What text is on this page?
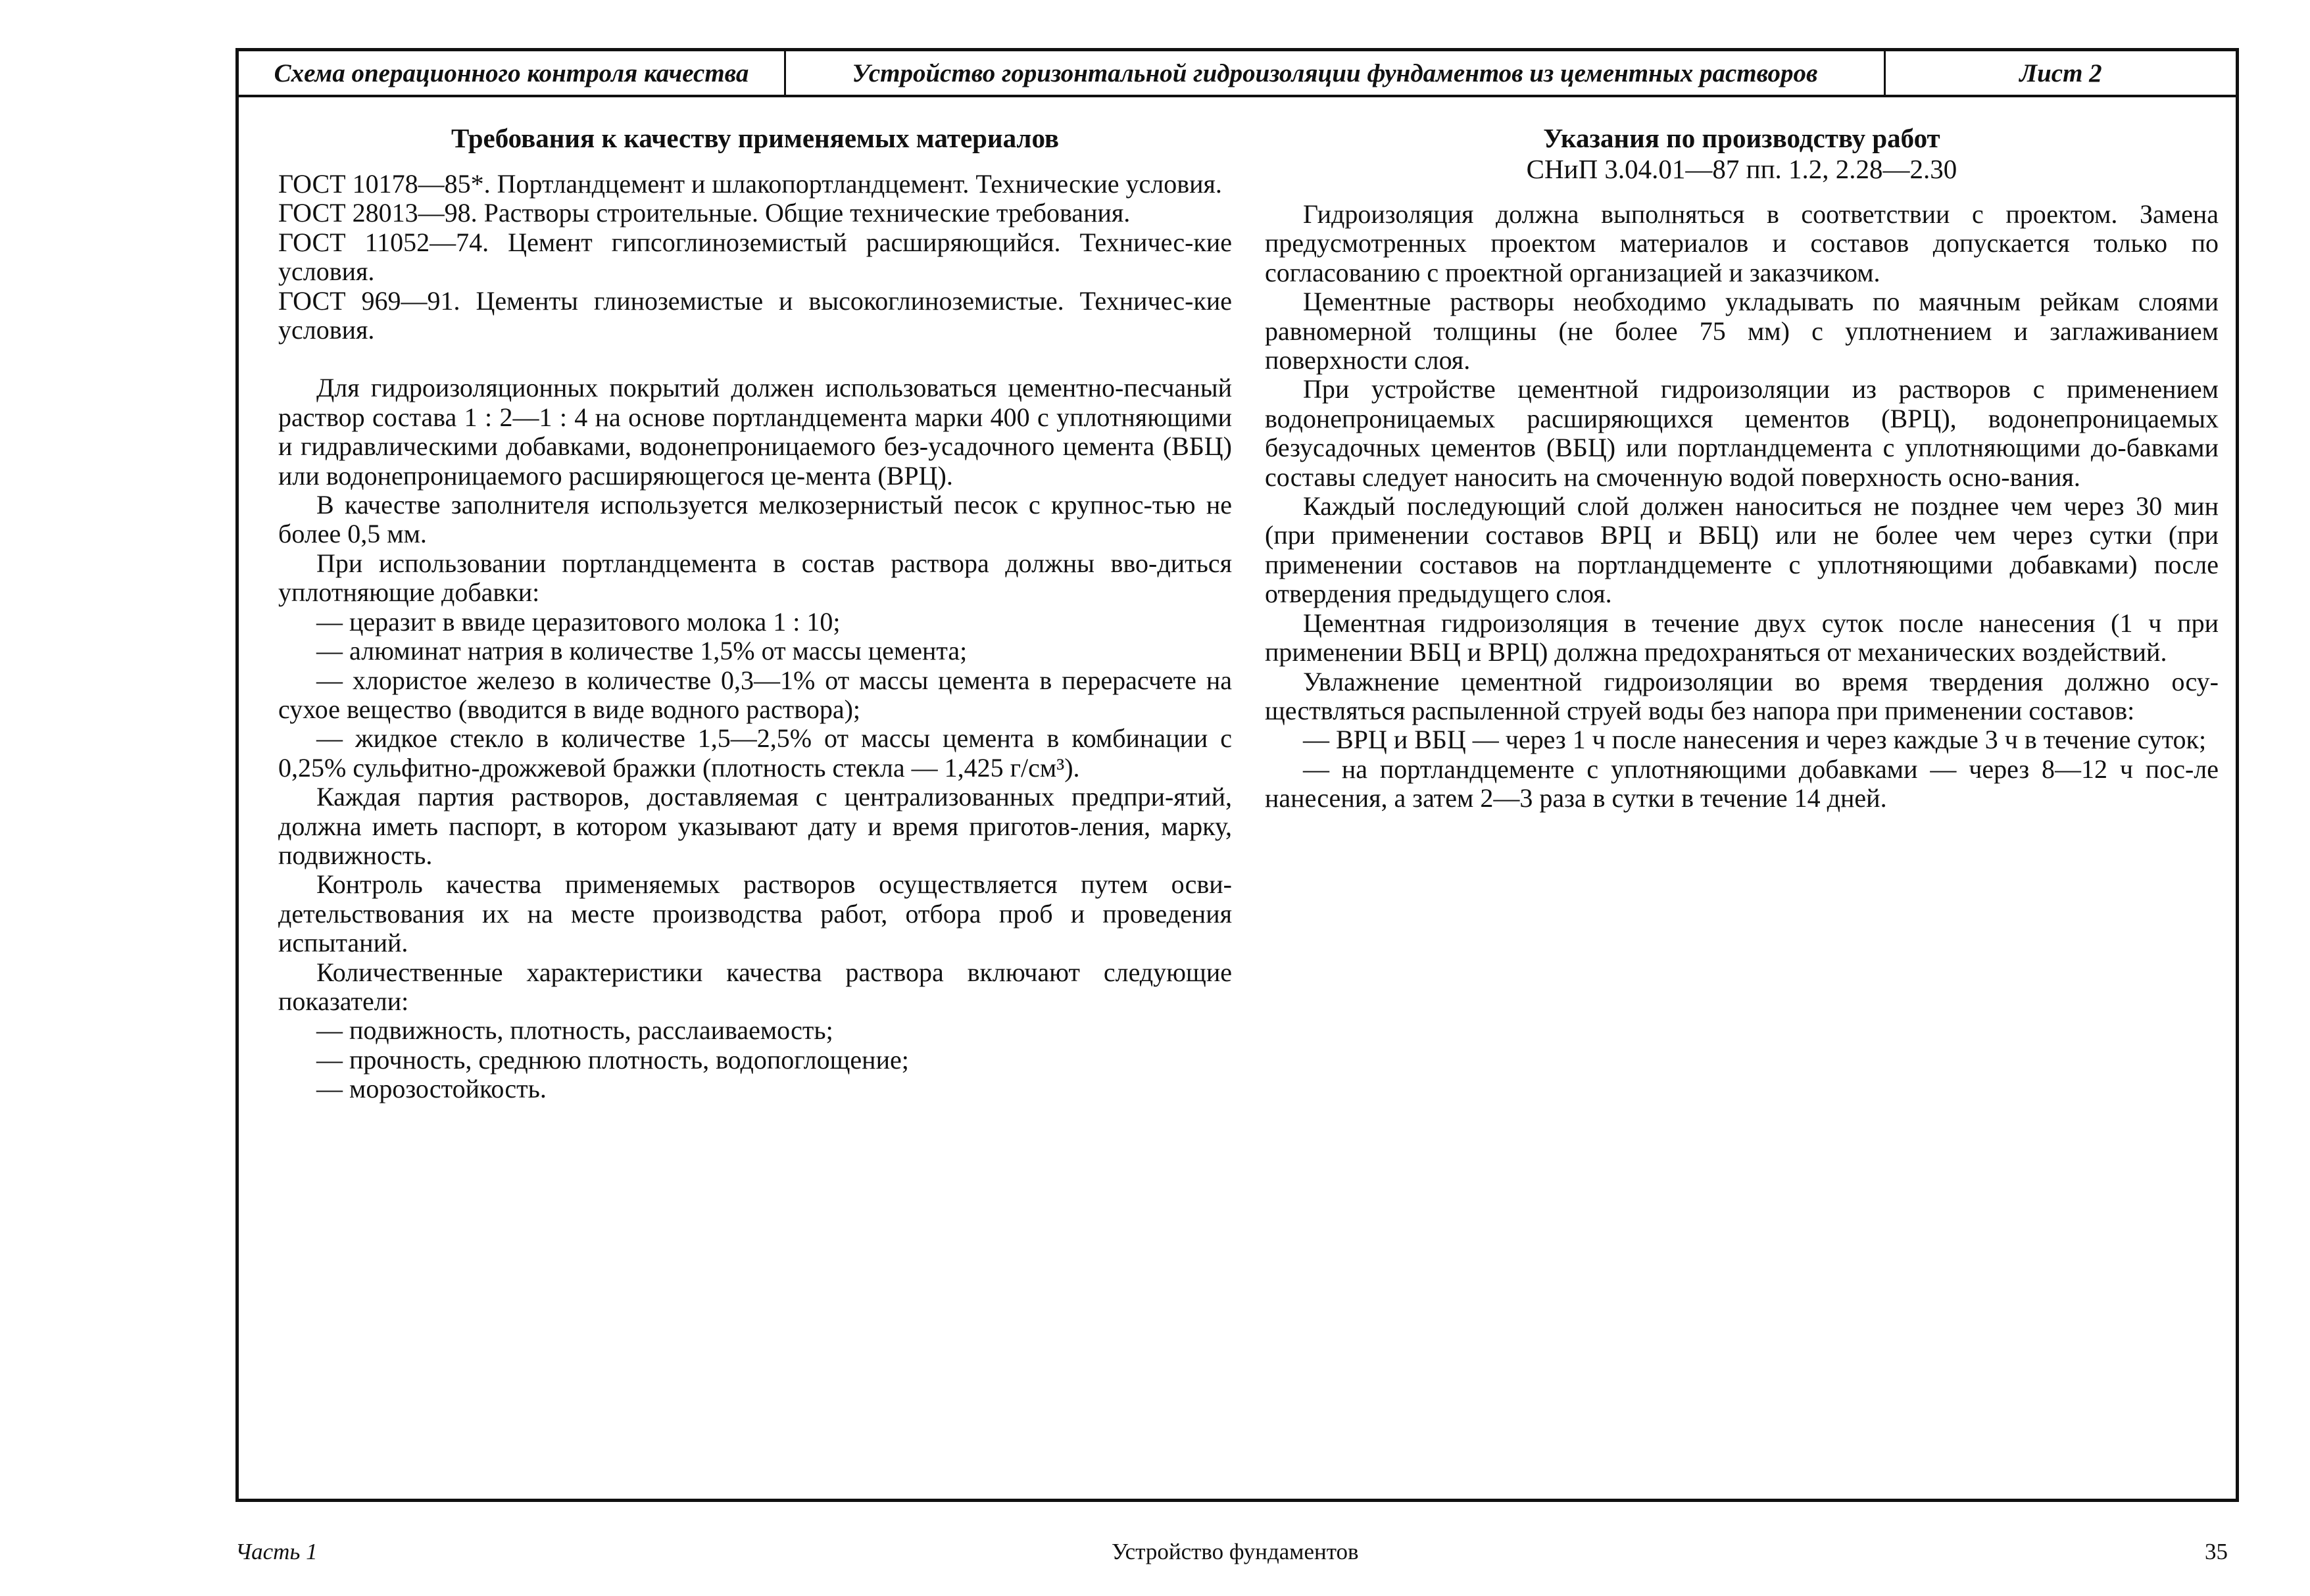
Схема операционного контроля качества	Устройство горизонтальной гидроизоляции фундаментов из цементных растворов	Лист 2
Требования к качеству применяемых материалов

ГОСТ 10178—85*. Портландцемент и шлакопортландцемент. Технические условия.

ГОСТ 28013—98. Растворы строительные. Общие технические требования.

ГОСТ 11052—74. Цемент гипсоглиноземистый расширяющийся. Техничес-кие условия.

ГОСТ 969—91. Цементы глиноземистые и высокоглиноземистые. Техничес-кие условия.

Для гидроизоляционных покрытий должен использоваться цементно-песчаный раствор состава 1 : 2—1 : 4 на основе портландцемента марки 400 с уплотняющими и гидравлическими добавками, водонепроницаемого без-усадочного цемента (ВБЦ) или водонепроницаемого расширяющегося це-мента (ВРЦ).

В качестве заполнителя используется мелкозернистый песок с крупнос-тью не более 0,5 мм.

При использовании портландцемента в состав раствора должны вво-диться уплотняющие добавки:

— церазит в ввиде церазитового молока 1 : 10;

— алюминат натрия в количестве 1,5% от массы цемента;

— хлористое железо в количестве 0,3—1% от массы цемента в перерасчете на сухое вещество (вводится в виде водного раствора);

— жидкое стекло в количестве 1,5—2,5% от массы цемента в комбинации с 0,25% сульфитно-дрожжевой бражки (плотность стекла — 1,425 г/см³).

Каждая партия растворов, доставляемая с централизованных предпри-ятий, должна иметь паспорт, в котором указывают дату и время приготов-ления, марку, подвижность.

Контроль качества применяемых растворов осуществляется путем осви-детельствования их на месте производства работ, отбора проб и проведения испытаний.

Количественные характеристики качества раствора включают следующие показатели:

— подвижность, плотность, расслаиваемость;

— прочность, среднюю плотность, водопоглощение;

— морозостойкость.

Указания по производству работ

СНиП 3.04.01—87 пп. 1.2, 2.28—2.30

Гидроизоляция должна выполняться в соответствии с проектом. Замена предусмотренных проектом материалов и составов допускается только по согласованию с проектной организацией и заказчиком.

Цементные растворы необходимо укладывать по маячным рейкам слоями равномерной толщины (не более 75 мм) с уплотнением и заглаживанием поверхности слоя.

При устройстве цементной гидроизоляции из растворов с применением водонепроницаемых расширяющихся цементов (ВРЦ), водонепроницаемых безусадочных цементов (ВБЦ) или портландцемента с уплотняющими до-бавками составы следует наносить на смоченную водой поверхность осно-вания.

Каждый последующий слой должен наноситься не позднее чем через 30 мин (при применении составов ВРЦ и ВБЦ) или не более чем через сутки (при применении составов на портландцементе с уплотняющими добавками) после отвердения предыдущего слоя.

Цементная гидроизоляция в течение двух суток после нанесения (1 ч при применении ВБЦ и ВРЦ) должна предохраняться от механических воздействий.

Увлажнение цементной гидроизоляции во время твердения должно осу-ществляться распыленной струей воды без напора при применении составов:

— ВРЦ и ВБЦ — через 1 ч после нанесения и через каждые 3 ч в течение суток;

— на портландцементе с уплотняющими добавками — через 8—12 ч пос-ле нанесения, а затем 2—3 раза в сутки в течение 14 дней.

Часть 1	Устройство фундаментов	35
